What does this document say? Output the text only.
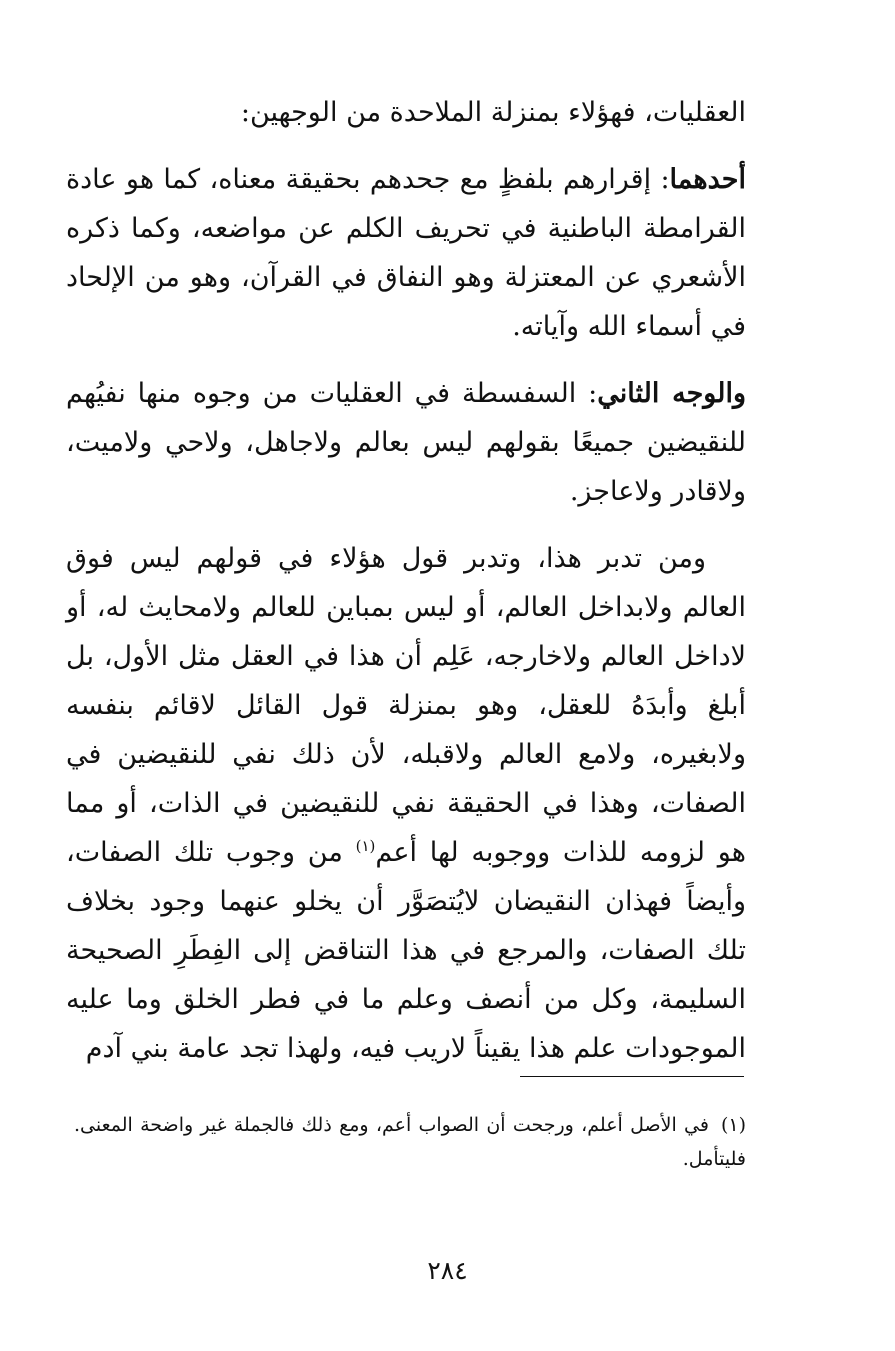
العقليات، فهؤلاء بمنزلة الملاحدة من الوجهين:

أحدهما: إقرارهم بلفظٍ مع جحدهم بحقيقة معناه، كما هو عادة القرامطة الباطنية في تحريف الكلم عن مواضعه، وكما ذكره الأشعري عن المعتزلة وهو النفاق في القرآن، وهو من الإلحاد في أسماء الله وآياته.

والوجه الثاني: السفسطة في العقليات من وجوه منها نفيُهم للنقيضين جميعًا بقولهم ليس بعالم ولاجاهل، ولاحي ولاميت، ولاقادر ولاعاجز.

ومن تدبر هذا، وتدبر قول هؤلاء في قولهم ليس فوق العالم ولابداخل العالم، أو ليس بمباين للعالم ولامحايث له، أو لاداخل العالم ولاخارجه، عَلِم أن هذا في العقل مثل الأول، بل أبلغ وأبدَهُ للعقل، وهو بمنزلة قول القائل لاقائم بنفسه ولابغيره، ولامع العالم ولاقبله، لأن ذلك نفي للنقيضين في الصفات، وهذا في الحقيقة نفي للنقيضين في الذات، أو مما هو لزومه للذات ووجوبه لها أعم$^{(١)}$ من وجوب تلك الصفات، وأيضاً فهذان النقيضان لايُتصَوَّر أن يخلو عنهما وجود بخلاف تلك الصفات، والمرجع في هذا التناقض إلى الفِطَرِ الصحيحة السليمة، وكل من أنصف وعلم ما في فطر الخلق وما عليه الموجودات علم هذا يقيناً لاريب فيه، ولهذا تجد عامة بني آدم

(١)في الأصل أعلم، ورجحت أن الصواب أعم، ومع ذلك فالجملة غير واضحة المعنى. فليتأمل.
٢٨٤
